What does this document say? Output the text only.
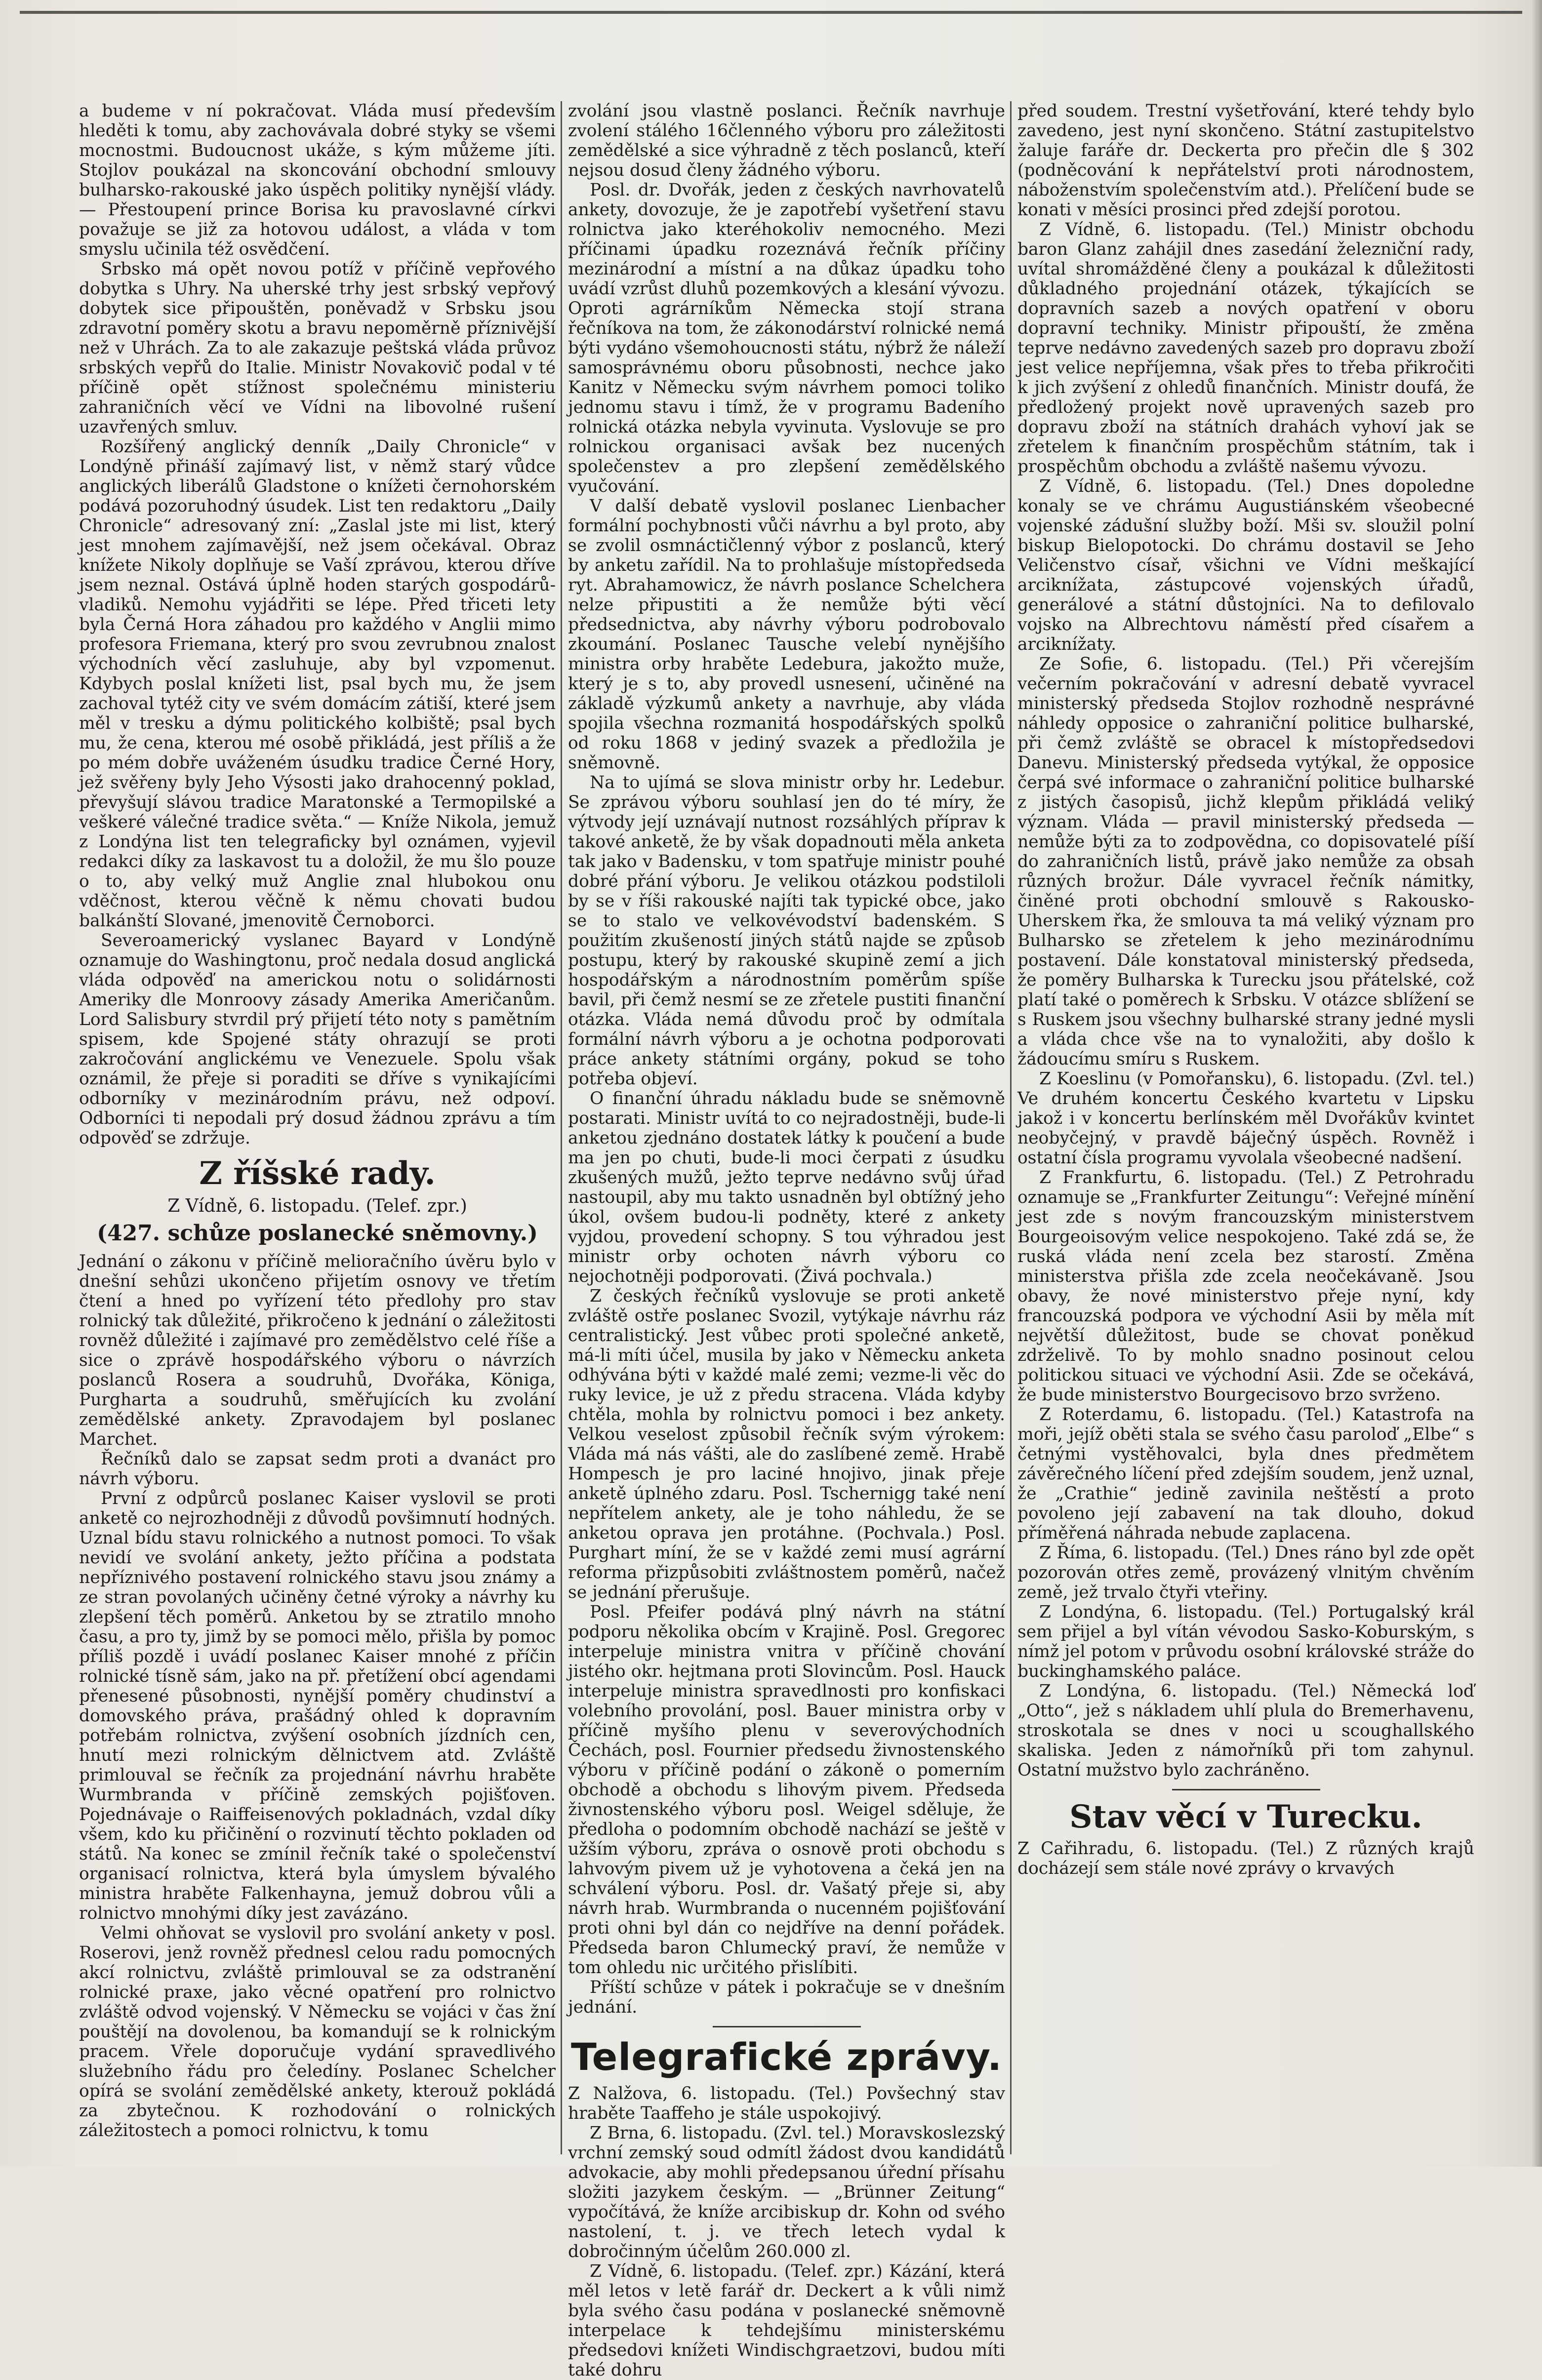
a budeme v ní pokračovat. Vláda musí především hleděti k tomu, aby zachovávala dobré styky se všemi mocnostmi. Budoucnost ukáže, s kým můžeme jíti. Stojlov poukázal na skoncování obchodní smlouvy bulharsko-rakouské jako úspěch politiky nynější vlády. — Přestoupení prince Borisa ku pravoslavné církvi považuje se již za hotovou událost, a vláda v tom smyslu učinila též osvědčení.

Srbsko má opět novou potíž v příčině vepřového dobytka s Uhry. Na uherské trhy jest srbský vepřový dobytek sice připouštěn, poněvadž v Srbsku jsou zdravotní poměry skotu a bravu nepoměrně příznivější než v Uhrách. Za to ale zakazuje peštská vláda průvoz srbských vepřů do Italie. Ministr Novakovič podal v té příčině opět stížnost společnému ministeriu zahraničních věcí ve Vídni na libovolné rušení uzavřených smluv.

Rozšířený anglický denník „Daily Chronicle“ v Londýně přináší zajímavý list, v němž starý vůdce anglických liberálů Gladstone o knížeti černohorském podává pozoruhodný úsudek. List ten redaktoru „Daily Chronicle“ adresovaný zní: „Zaslal jste mi list, který jest mnohem zajímavější, než jsem očekával. Obraz knížete Nikoly doplňuje se Vaší zprávou, kterou dříve jsem neznal. Ostává úplně hoden starých gospodárů-vladiků. Nemohu vyjádřiti se lépe. Před třiceti lety byla Černá Hora záhadou pro každého v Anglii mimo profesora Friemana, který pro svou zevrubnou znalost východních věcí zasluhuje, aby byl vzpomenut. Kdybych poslal knížeti list, psal bych mu, že jsem zachoval tytéž city ve svém domácím zátiší, které jsem měl v tresku a dýmu politického kolbiště; psal bych mu, že cena, kterou mé osobě přikládá, jest příliš a že po mém dobře uváženém úsudku tradice Černé Hory, jež svěřeny byly Jeho Výsosti jako drahocenný poklad, převyšují slávou tradice Maratonské a Termopilské a veškeré válečné tradice světa.“ — Kníže Nikola, jemuž z Londýna list ten telegraficky byl oznámen, vyjevil redakci díky za laskavost tu a doložil, že mu šlo pouze o to, aby velký muž Anglie znal hlubokou onu vděčnost, kterou věčně k němu chovati budou balkánští Slované, jmenovitě Černoborci.

Severoamerický vyslanec Bayard v Londýně oznamuje do Washingtonu, proč nedala dosud anglická vláda odpověď na americkou notu o solidárnosti Ameriky dle Monroovy zásady Amerika Američanům. Lord Salisbury stvrdil prý přijetí této noty s pamětním spisem, kde Spojené státy ohrazují se proti zakročování anglickému ve Venezuele. Spolu však oznámil, že přeje si poraditi se dříve s vynikajícími odborníky v mezinárodním právu, než odpoví. Odborníci ti nepodali prý dosud žádnou zprávu a tím odpověď se zdržuje.

Z říšské rady.
Z Vídně, 6. listopadu. (Telef. zpr.)
(427. schůze poslanecké sněmovny.)

Jednání o zákonu v příčině melioračního úvěru bylo v dnešní sehůzi ukončeno přijetím osnovy ve třetím čtení a hned po vyřízení této předlohy pro stav rolnický tak důležité, přikročeno k jednání o záležitosti rovněž důležité i zajímavé pro zemědělstvo celé říše a sice o zprávě hospodářského výboru o návrzích poslanců Rosera a soudruhů, Dvořáka, Königa, Purgharta a soudruhů, směřujících ku zvolání zemědělské ankety. Zpravodajem byl poslanec Marchet.

Řečníků dalo se zapsat sedm proti a dvanáct pro návrh výboru.

První z odpůrců poslanec Kaiser vyslovil se proti anketě co nejrozhodněji z důvodů povšimnutí hodných. Uznal bídu stavu rolnického a nutnost pomoci. To však nevidí ve svolání ankety, ježto příčina a podstata nepříznivého postavení rolnického stavu jsou známy a ze stran povolaných učiněny četné výroky a návrhy ku zlepšení těch poměrů. Anketou by se ztratilo mnoho času, a pro ty, jimž by se pomoci mělo, přišla by pomoc příliš pozdě i uvádí poslanec Kaiser mnohé z příčin rolnické tísně sám, jako na př. přetížení obcí agendami přenesené působnosti, nynější poměry chudinství a domovského práva, prašádný ohled k dopravním potřebám rolnictva, zvýšení osobních jízdních cen, hnutí mezi rolnickým dělnictvem atd. Zvláště primlouval se řečník za projednání návrhu hraběte Wurmbranda v příčině zemských pojišťoven. Pojednávaje o Raiffeisenových pokladnách, vzdal díky všem, kdo ku přičinění o rozvinutí těchto pokladen od států. Na konec se zmínil řečník také o společenství organisací rolnictva, která byla úmyslem bývalého ministra hraběte Falkenhayna, jemuž dobrou vůli a rolnictvo mnohými díky jest zavázáno.

Velmi ohňovat se vyslovil pro svolání ankety v posl. Roserovi, jenž rovněž přednesl celou radu pomocných akcí rolnictvu, zvláště primlouval se za odstranění rolnické praxe, jako věcné opatření pro rolnictvo zvláště odvod vojenský. V Německu se vojáci v čas žní pouštějí na dovolenou, ba komandují se k rolnickým pracem. Vřele doporučuje vydání spravedlivého služebního řádu pro čeledíny. Poslanec Schelcher opírá se svolání zemědělské ankety, kterouž pokládá za zbytečnou. K rozhodování o rolnických záležitostech a pomoci rolnictvu, k tomu

zvolání jsou vlastně poslanci. Řečník navrhuje zvolení stálého 16členného výboru pro záležitosti zemědělské a sice výhradně z těch poslanců, kteří nejsou dosud členy žádného výboru.

Posl. dr. Dvořák, jeden z českých navrhovatelů ankety, dovozuje, že je zapotřebí vyšetření stavu rolnictva jako kteréhokoliv nemocného. Mezi příčinami úpadku rozeznává řečník příčiny mezinárodní a místní a na důkaz úpadku toho uvádí vzrůst dluhů pozemkových a klesání vývozu. Oproti agrárníkům Německa stojí strana řečníkova na tom, že zákonodárství rolnické nemá býti vydáno všemohoucnosti státu, nýbrž že náleží samosprávnému oboru působnosti, nechce jako Kanitz v Německu svým návrhem pomoci toliko jednomu stavu i tímž, že v programu Badeního rolnická otázka nebyla vyvinuta. Vyslovuje se pro rolnickou organisaci avšak bez nucených společenstev a pro zlepšení zemědělského vyučování.

V další debatě vyslovil poslanec Lienbacher formální pochybnosti vůči návrhu a byl proto, aby se zvolil osmnáctičlenný výbor z poslanců, který by anketu zařídil. Na to prohlašuje místopředseda ryt. Abrahamowicz, že návrh poslance Schelchera nelze připustiti a že nemůže býti věcí předsednictva, aby návrhy výboru podrobovalo zkoumání. Poslanec Tausche velebí nynějšího ministra orby hraběte Ledebura, jakožto muže, který je s to, aby provedl usnesení, učiněné na základě výzkumů ankety a navrhuje, aby vláda spojila všechna rozmanitá hospodářských spolků od roku 1868 v jediný svazek a předložila je sněmovně.

Na to ujímá se slova ministr orby hr. Ledebur. Se zprávou výboru souhlasí jen do té míry, že výtvody její uznávají nutnost rozsáhlých příprav k takové anketě, že by však dopadnouti měla anketa tak jako v Badensku, v tom spatřuje ministr pouhé dobré přání výboru. Je velikou otázkou podstiloli by se v říši rakouské najíti tak typické obce, jako se to stalo ve velkovévodství badenském. S použitím zkušeností jiných států najde se způsob postupu, který by rakouské skupině zemí a jich hospodářským a národnostním poměrům spíše bavil, při čemž nesmí se ze zřetele pustiti finanční otázka. Vláda nemá důvodu proč by odmítala formální návrh výboru a je ochotna podporovati práce ankety státními orgány, pokud se toho potřeba objeví.

O finanční úhradu nákladu bude se sněmovně postarati. Ministr uvítá to co nejradostněji, bude-li anketou zjednáno dostatek látky k poučení a bude ma jen po chuti, bude-li moci čerpati z úsudku zkušených mužů, ježto teprve nedávno svůj úřad nastoupil, aby mu takto usnadněn byl obtížný jeho úkol, ovšem budou-li podněty, které z ankety vyjdou, provedení schopny. S tou výhradou jest ministr orby ochoten návrh výboru co nejochotněji podporovati. (Živá pochvala.)

Z českých řečníků vyslovuje se proti anketě zvláště ostře poslanec Svozil, vytýkaje návrhu ráz centralistický. Jest vůbec proti společné anketě, má-li míti účel, musila by jako v Německu anketa odhývána býti v každé malé zemi; vezme-li věc do ruky levice, je už z předu stracena. Vláda kdyby chtěla, mohla by rolnictvu pomoci i bez ankety. Velkou veselost způsobil řečník svým výrokem: Vláda má nás vášti, ale do zaslíbené země. Hrabě Hompesch je pro laciné hnojivo, jinak přeje anketě úplného zdaru. Posl. Tschernigg také není nepřítelem ankety, ale je toho náhledu, že se anketou oprava jen protáhne. (Pochvala.) Posl. Purghart míní, že se v každé zemi musí agrární reforma přizpůsobiti zvláštnostem poměrů, načež se jednání přerušuje.

Posl. Pfeifer podává plný návrh na státní podporu několika obcím v Krajině. Posl. Gregorec interpeluje ministra vnitra v příčině chování jistého okr. hejtmana proti Slovincům. Posl. Hauck interpeluje ministra spravedlnosti pro konfiskaci volebního provolání, posl. Bauer ministra orby v příčině myšího plenu v severovýchodních Čechách, posl. Fournier předsedu živnostenského výboru v příčině podání o zákoně o pomerním obchodě a obchodu s lihovým pivem. Předseda živnostenského výboru posl. Weigel sděluje, že předloha o podomním obchodě nachází se ještě v užším výboru, zpráva o osnově proti obchodu s lahvovým pivem už je vyhotovena a čeká jen na schválení výboru. Posl. dr. Vašatý přeje si, aby návrh hrab. Wurmbranda o nucenném pojišťování proti ohni byl dán co nejdříve na denní pořádek. Předseda baron Chlumecký praví, že nemůže v tom ohledu nic určitého přislíbiti.

Příští schůze v pátek i pokračuje se v dnešním jednání.

Telegrafické zprávy.

Z Nalžova, 6. listopadu. (Tel.) Povšechný stav hraběte Taaffeho je stále uspokojivý.

Z Brna, 6. listopadu. (Zvl. tel.) Moravskoslezský vrchní zemský soud odmítl žádost dvou kandidátů advokacie, aby mohli předepsanou úřední přísahu složiti jazykem českým. — „Brünner Zeitung“ vypočítává, že kníže arcibiskup dr. Kohn od svého nastolení, t. j. ve třech letech vydal k dobročinným účelům 260.000 zl.

Z Vídně, 6. listopadu. (Telef. zpr.) Kázání, která měl letos v letě farář dr. Deckert a k vůli nimž byla svého času podána v poslanecké sněmovně interpelace k tehdejšímu ministerskému předsedovi knížeti Windischgraetzovi, budou míti také dohru

před soudem. Trestní vyšetřování, které tehdy bylo zavedeno, jest nyní skončeno. Státní zastupitelstvo žaluje faráře dr. Deckerta pro přečin dle § 302 (podněcování k nepřátelství proti národnostem, náboženstvím společenstvím atd.). Přelíčení bude se konati v měsíci prosinci před zdejší porotou.

Z Vídně, 6. listopadu. (Tel.) Ministr obchodu baron Glanz zahájil dnes zasedání železniční rady, uvítal shromážděné členy a poukázal k důležitosti důkladného projednání otázek, týkajících se dopravních sazeb a nových opatření v oboru dopravní techniky. Ministr připouští, že změna teprve nedávno zavedených sazeb pro dopravu zboží jest velice nepříjemna, však přes to třeba přikročiti k jich zvýšení z ohledů finančních. Ministr doufá, že předložený projekt nově upravených sazeb pro dopravu zboží na státních drahách vyhoví jak se zřetelem k finančním prospěchům státním, tak i prospěchům obchodu a zvláště našemu vývozu.

Z Vídně, 6. listopadu. (Tel.) Dnes dopoledne konaly se ve chrámu Augustiánském všeobecné vojenské zádušní služby boží. Mši sv. sloužil polní biskup Bielopotocki. Do chrámu dostavil se Jeho Veličenstvo císař, všichni ve Vídni meškající arciknížata, zástupcové vojenských úřadů, generálové a státní důstojníci. Na to defilovalo vojsko na Albrechtovu náměstí před císařem a arciknížaty.

Ze Sofie, 6. listopadu. (Tel.) Při včerejším večerním pokračování v adresní debatě vyvracel ministerský předseda Stojlov rozhodně nesprávné náhledy opposice o zahraniční politice bulharské, při čemž zvláště se obracel k místopředsedovi Danevu. Ministerský předseda vytýkal, že opposice čerpá své informace o zahraniční politice bulharské z jistých časopisů, jichž klepům přikládá veliký význam. Vláda — pravil ministerský předseda — nemůže býti za to zodpovědna, co dopisovatelé píší do zahraničních listů, právě jako nemůže za obsah různých brožur. Dále vyvracel řečník námitky, činěné proti obchodní smlouvě s Rakousko-Uherskem řka, že smlouva ta má veliký význam pro Bulharsko se zřetelem k jeho mezinárodnímu postavení. Dále konstatoval ministerský předseda, že poměry Bulharska k Turecku jsou přátelské, což platí také o poměrech k Srbsku. V otázce sblížení se s Ruskem jsou všechny bulharské strany jedné mysli a vláda chce vše na to vynaložiti, aby došlo k žádoucímu smíru s Ruskem.

Z Koeslinu (v Pomořansku), 6. listopadu. (Zvl. tel.) Ve druhém koncertu Českého kvartetu v Lipsku jakož i v koncertu berlínském měl Dvořákův kvintet neobyčejný, v pravdě báječný úspěch. Rovněž i ostatní čísla programu vyvolala všeobecné nadšení.

Z Frankfurtu, 6. listopadu. (Tel.) Z Petrohradu oznamuje se „Frankfurter Zeitungu“: Veřejné mínění jest zde s novým francouzským ministerstvem Bourgeoisovým velice nespokojeno. Také zdá se, že ruská vláda není zcela bez starostí. Změna ministerstva přišla zde zcela neočekávaně. Jsou obavy, že nové ministerstvo přeje nyní, kdy francouzská podpora ve východní Asii by měla mít největší důležitost, bude se chovat poněkud zdrželivě. To by mohlo snadno posinout celou politickou situaci ve východní Asii. Zde se očekává, že bude ministerstvo Bourgecisovo brzo svrženo.

Z Roterdamu, 6. listopadu. (Tel.) Katastrofa na moři, jejíž oběti stala se svého času paroloď „Elbe“ s četnými vystěhovalci, byla dnes předmětem závěrečného líčení před zdejším soudem, jenž uznal, že „Crathie“ jedině zavinila neštěstí a proto povoleno její zabavení na tak dlouho, dokud příměřená náhrada nebude zaplacena.

Z Říma, 6. listopadu. (Tel.) Dnes ráno byl zde opět pozorován otřes země, provázený vlnitým chvěním země, jež trvalo čtyři vteřiny.

Z Londýna, 6. listopadu. (Tel.) Portugalský král sem přijel a byl vítán vévodou Sasko-Koburským, s nímž jel potom v průvodu osobní královské stráže do buckinghamského paláce.

Z Londýna, 6. listopadu. (Tel.) Německá loď „Otto“, jež s nákladem uhlí plula do Bremerhavenu, stroskotala se dnes v noci u scoughallského skaliska. Jeden z námořníků při tom zahynul. Ostatní mužstvo bylo zachráněno.

Stav věcí v Turecku.

Z Cařihradu, 6. listopadu. (Tel.) Z různých krajů docházejí sem stále nové zprávy o krvavých
